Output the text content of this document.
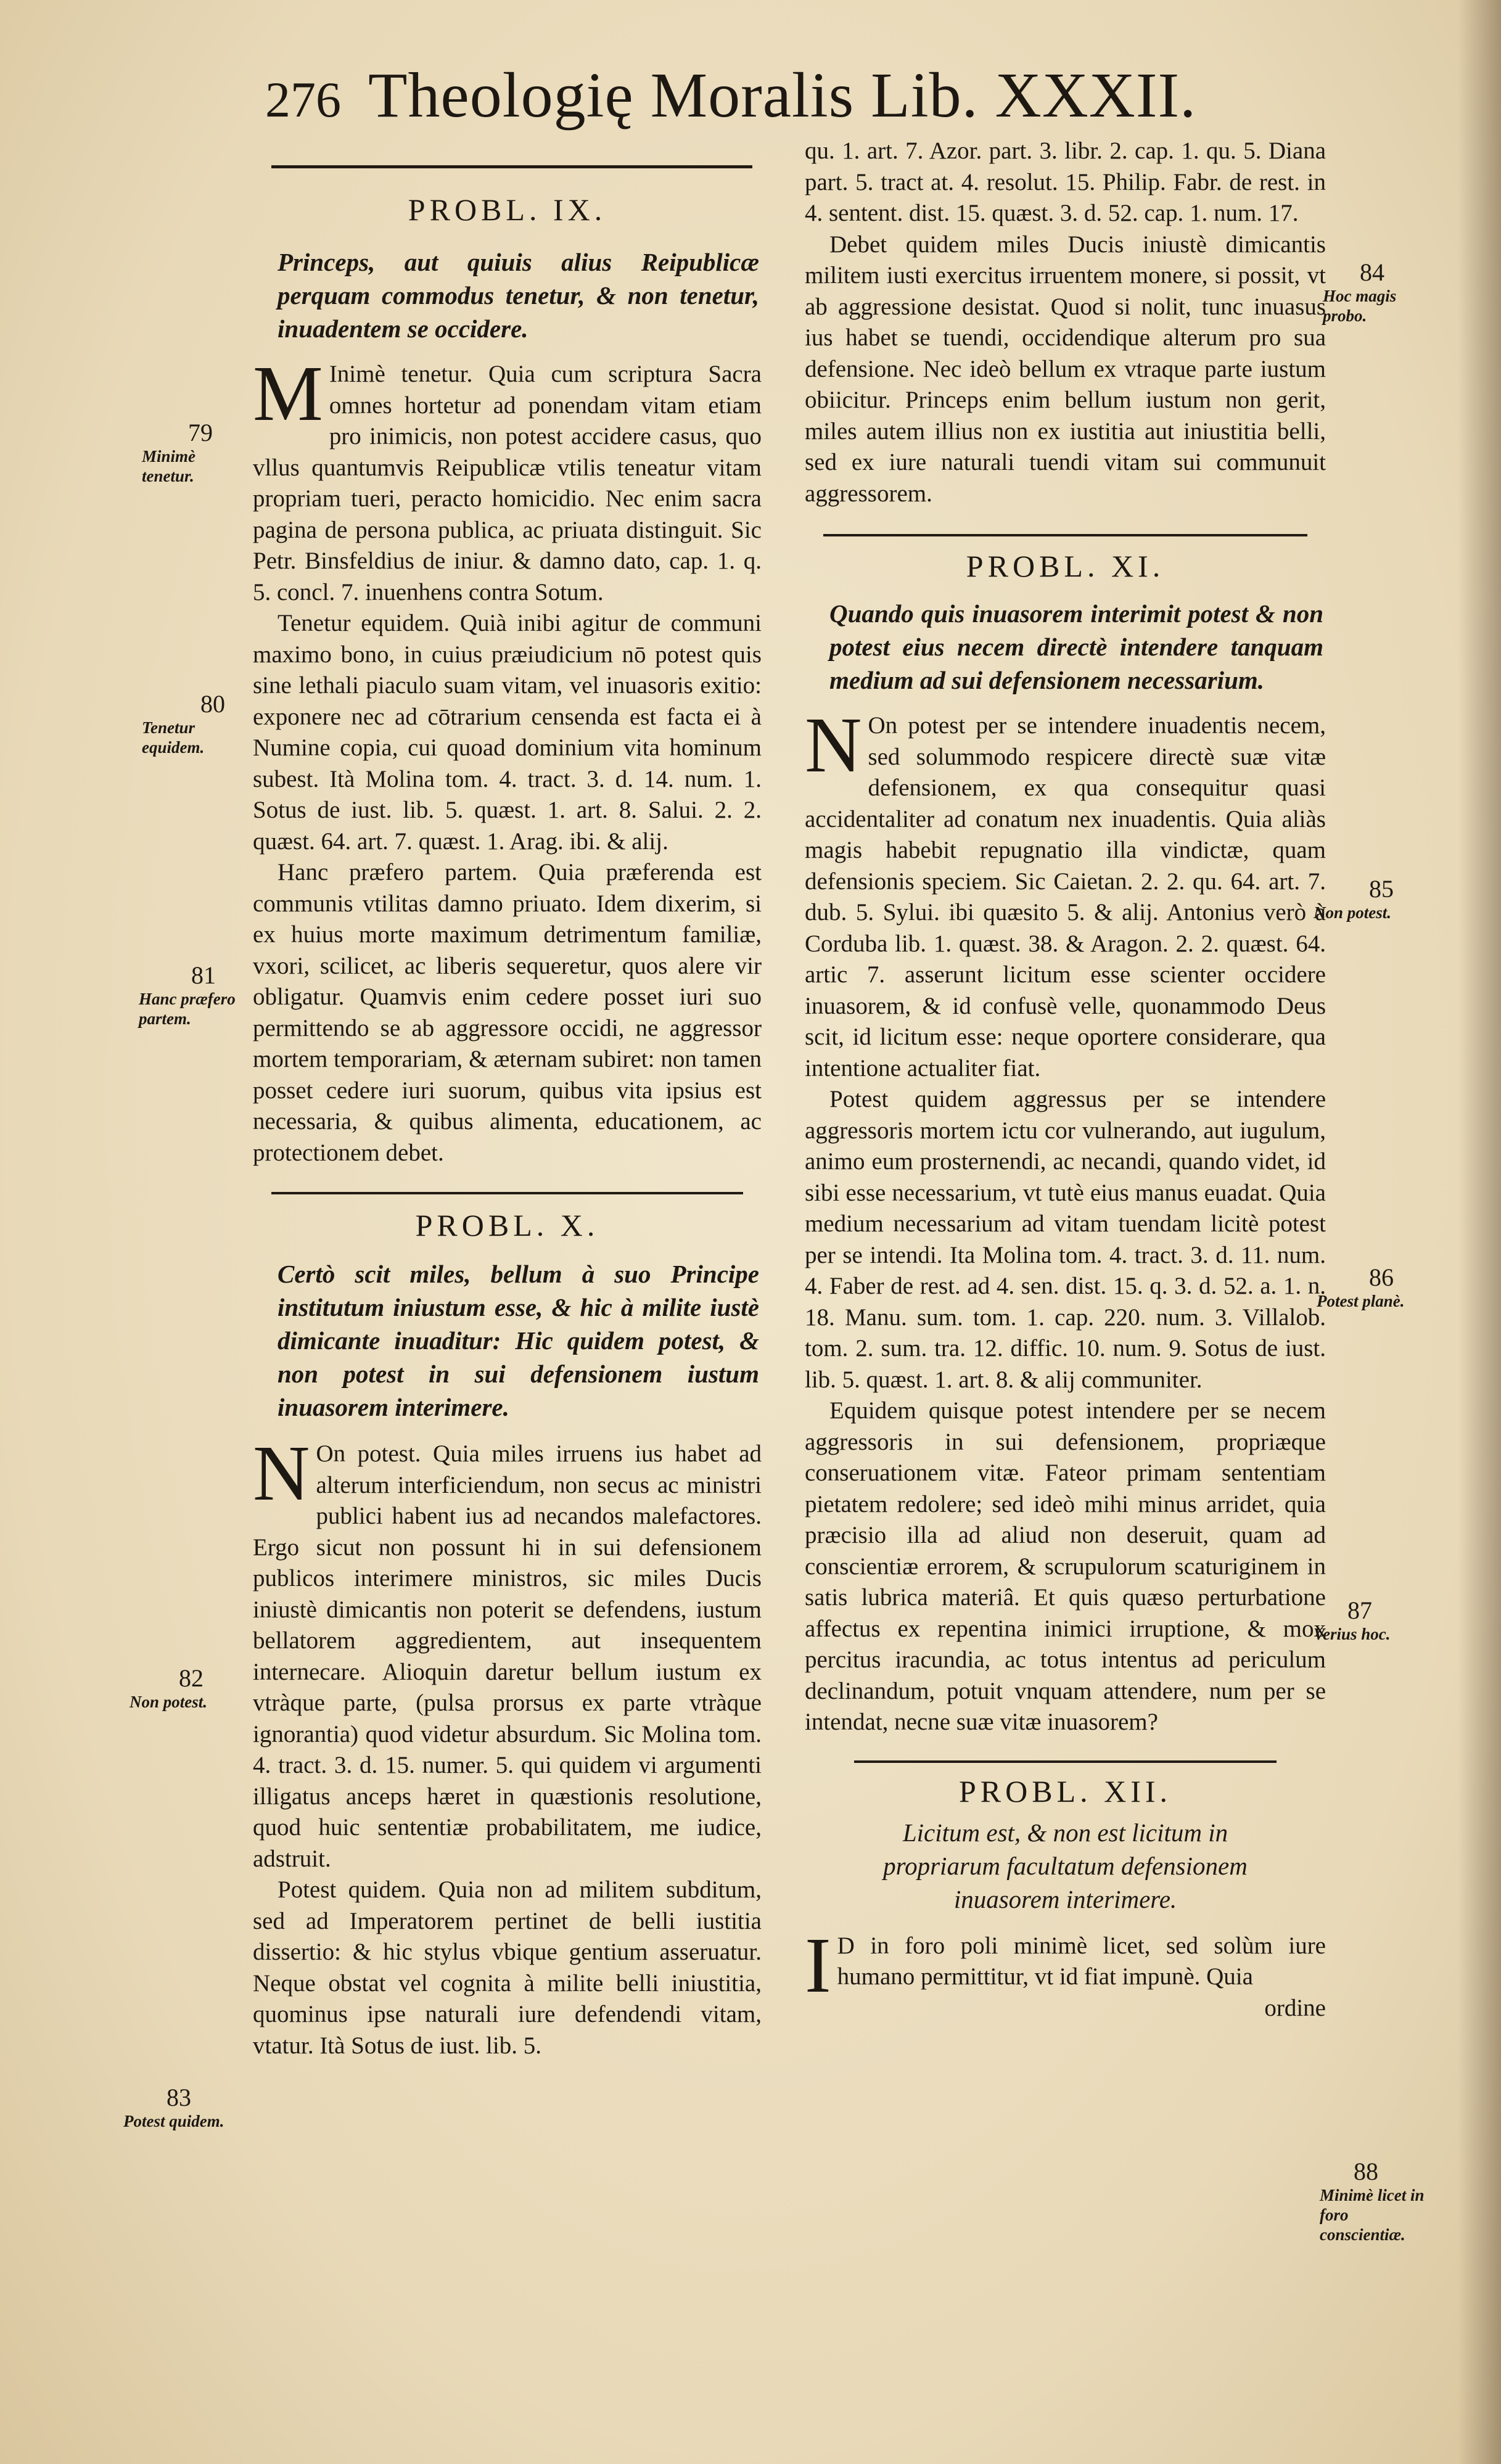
276 Theologię Moralis Lib. XXXII.

PROBL. IX.

Princeps, aut quiuis alius Reipublicæ perquam commodus tenetur, & non tenetur, inuadentem se occidere.

M Inimè tenetur. Quia cum scriptura Sacra omnes hortetur ad ponendam vitam etiam pro inimicis, non potest accidere casus, quo vllus quantumvis Reipublicæ vtilis teneatur vitam propriam tueri, peracto homicidio. Nec enim sacra pagina de persona publica, ac priuata distinguit. Sic Petr. Binsfeldius de iniur. & damno dato, cap. 1. q. 5. concl. 7. inuenhens contra Sotum.

Tenetur equidem. Quià inibi agitur de communi maximo bono, in cuius præiudicium nō potest quis sine lethali piaculo suam vitam, vel inuasoris exitio: exponere nec ad cōtrarium censenda est facta ei à Numine copia, cui quoad dominium vita hominum subest. Ità Molina tom. 4. tract. 3. d. 14. num. 1. Sotus de iust. lib. 5. quæst. 1. art. 8. Salui. 2. 2. quæst. 64. art. 7. quæst. 1. Arag. ibi. & alij.

Hanc præfero partem. Quia præferenda est communis vtilitas damno priuato. Idem dixerim, si ex huius morte maximum detrimentum familiæ, vxori, scilicet, ac liberis sequeretur, quos alere vir obligatur. Quamvis enim cedere posset iuri suo permittendo se ab aggressore occidi, ne aggressor mortem temporariam, & æternam subiret: non tamen posset cedere iuri suorum, quibus vita ipsius est necessaria, & quibus alimenta, educationem, ac protectionem debet.

PROBL. X.

Certò scit miles, bellum à suo Principe institutum iniustum esse, & hic à milite iustè dimicante inuaditur: Hic quidem potest, & non potest in sui defensionem iustum inuasorem interimere.

N On potest. Quia miles irruens ius habet ad alterum interficiendum, non secus ac ministri publici habent ius ad necandos malefactores. Ergo sicut non possunt hi in sui defensionem publicos interimere ministros, sic miles Ducis iniustè dimicantis non poterit se defendens, iustum bellatorem aggredientem, aut insequentem internecare. Alioquin daretur bellum iustum ex vtràque parte, (pulsa prorsus ex parte vtràque ignorantia) quod videtur absurdum. Sic Molina tom. 4. tract. 3. d. 15. numer. 5. qui quidem vi argumenti illigatus anceps hæret in quæstionis resolutione, quod huic sententiæ probabilitatem, me iudice, adstruit.

Potest quidem. Quia non ad militem subditum, sed ad Imperatorem pertinet de belli iustitia dissertio: & hic stylus vbique gentium asseruatur. Neque obstat vel cognita à milite belli iniustitia, quominus ipse naturali iure defendendi vitam, vtatur. Ità Sotus de iust. lib. 5.

qu. 1. art. 7. Azor. part. 3. libr. 2. cap. 1. qu. 5. Diana part. 5. tract at. 4. resolut. 15. Philip. Fabr. de rest. in 4. sentent. dist. 15. quæst. 3. d. 52. cap. 1. num. 17.

Debet quidem miles Ducis iniustè dimicantis militem iusti exercitus irruentem monere, si possit, vt ab aggressione desistat. Quod si nolit, tunc inuasus ius habet se tuendi, occidendique alterum pro sua defensione. Nec ideò bellum ex vtraque parte iustum obiicitur. Princeps enim bellum iustum non gerit, miles autem illius non ex iustitia aut iniustitia belli, sed ex iure naturali tuendi vitam sui communuit aggressorem.

PROBL. XI.

Quando quis inuasorem interimit potest & non potest eius necem directè intendere tanquam medium ad sui defensionem necessarium.

N On potest per se intendere inuadentis necem, sed solummodo respicere directè suæ vitæ defensionem, ex qua consequitur quasi accidentaliter ad conatum nex inuadentis. Quia aliàs magis habebit repugnatio illa vindictæ, quam defensionis speciem. Sic Caietan. 2. 2. qu. 64. art. 7. dub. 5. Sylui. ibi quæsito 5. & alij. Antonius verò à Corduba lib. 1. quæst. 38. & Aragon. 2. 2. quæst. 64. artic 7. asserunt licitum esse scienter occidere inuasorem, & id confusè velle, quonammodo Deus scit, id licitum esse: neque oportere considerare, qua intentione actualiter fiat.

Potest quidem aggressus per se intendere aggressoris mortem ictu cor vulnerando, aut iugulum, animo eum prosternendi, ac necandi, quando videt, id sibi esse necessarium, vt tutè eius manus euadat. Quia medium necessarium ad vitam tuendam licitè potest per se intendi. Ita Molina tom. 4. tract. 3. d. 11. num. 4. Faber de rest. ad 4. sen. dist. 15. q. 3. d. 52. a. 1. n. 18. Manu. sum. tom. 1. cap. 220. num. 3. Villalob. tom. 2. sum. tra. 12. diffic. 10. num. 9. Sotus de iust. lib. 5. quæst. 1. art. 8. & alij communiter.

Equidem quisque potest intendere per se necem aggressoris in sui defensionem, propriæque conseruationem vitæ. Fateor primam sententiam pietatem redolere; sed ideò mihi minus arridet, quia præcisio illa ad aliud non deseruit, quam ad conscientiæ errorem, & scrupulorum scaturiginem in satis lubrica materiâ. Et quis quæso perturbatione affectus ex repentina inimici irruptione, & mox percitus iracundia, ac totus intentus ad periculum declinandum, potuit vnquam attendere, num per se intendat, necne suæ vitæ inuasorem?

PROBL. XII.

Licitum est, & non est licitum in propriarum facultatum defensionem inuasorem interimere.

I D in foro poli minimè licet, sed solùm iure humano permittitur, vt id fiat impunè. Quia

ordine

79
Minimè tenetur.
80
Tenetur equidem.
81
Hanc præfero partem.
82
Non potest.
83
Potest quidem.
84
Hoc magis probo.
85
Non potest.
86
Potest planè.
87
Verius hoc.
88
Minimè licet in foro conscientiæ.
